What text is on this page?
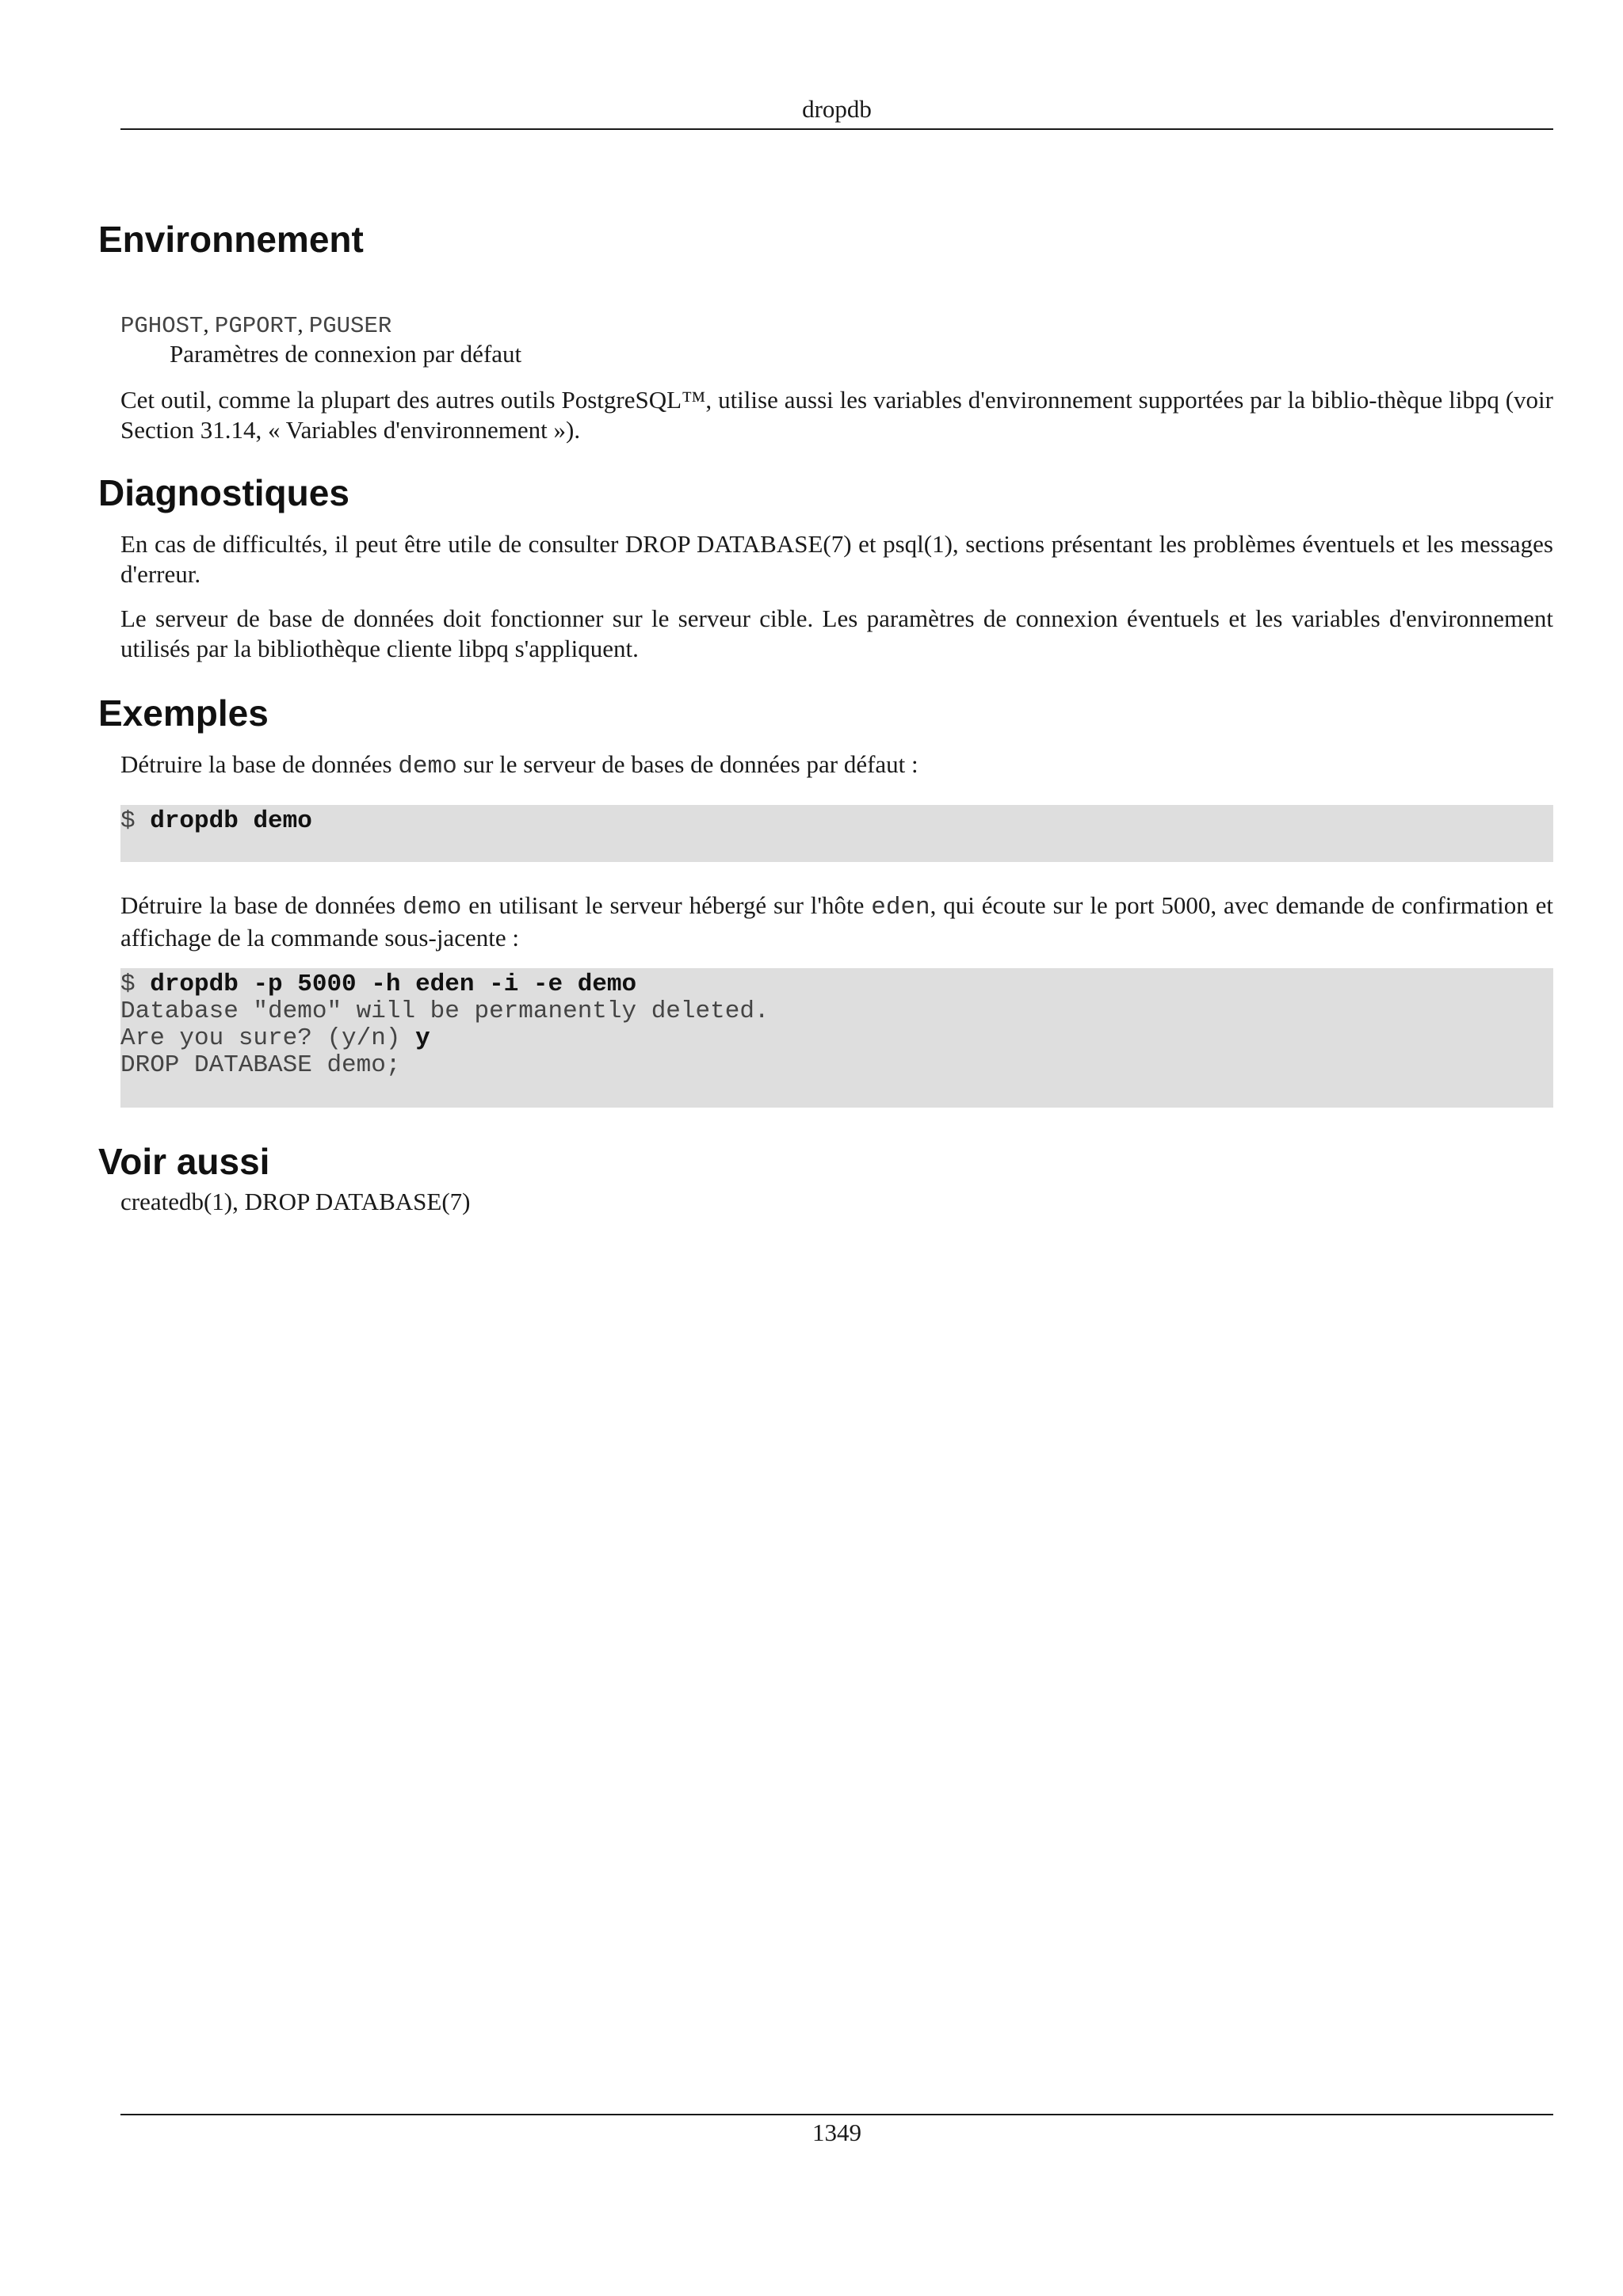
dropdb
Environnement
PGHOST, PGPORT, PGUSER
Paramètres de connexion par défaut

Cet outil, comme la plupart des autres outils PostgreSQL™, utilise aussi les variables d'environnement supportées par la biblio-thèque libpq (voir Section 31.14, « Variables d'environnement »).

Diagnostiques

En cas de difficultés, il peut être utile de consulter DROP DATABASE(7) et psql(1), sections présentant les problèmes éventuels et les messages d'erreur.

Le serveur de base de données doit fonctionner sur le serveur cible. Les paramètres de connexion éventuels et les variables d'environnement utilisés par la bibliothèque cliente libpq s'appliquent.

Exemples

Détruire la base de données demo sur le serveur de bases de données par défaut :

$ dropdb demo

Détruire la base de données demo en utilisant le serveur hébergé sur l'hôte eden, qui écoute sur le port 5000, avec demande de confirmation et affichage de la commande sous-jacente :

$ dropdb -p 5000 -h eden -i -e demo
Database "demo" will be permanently deleted.
Are you sure? (y/n) y
DROP DATABASE demo;
Voir aussi

createdb(1), DROP DATABASE(7)

1349
